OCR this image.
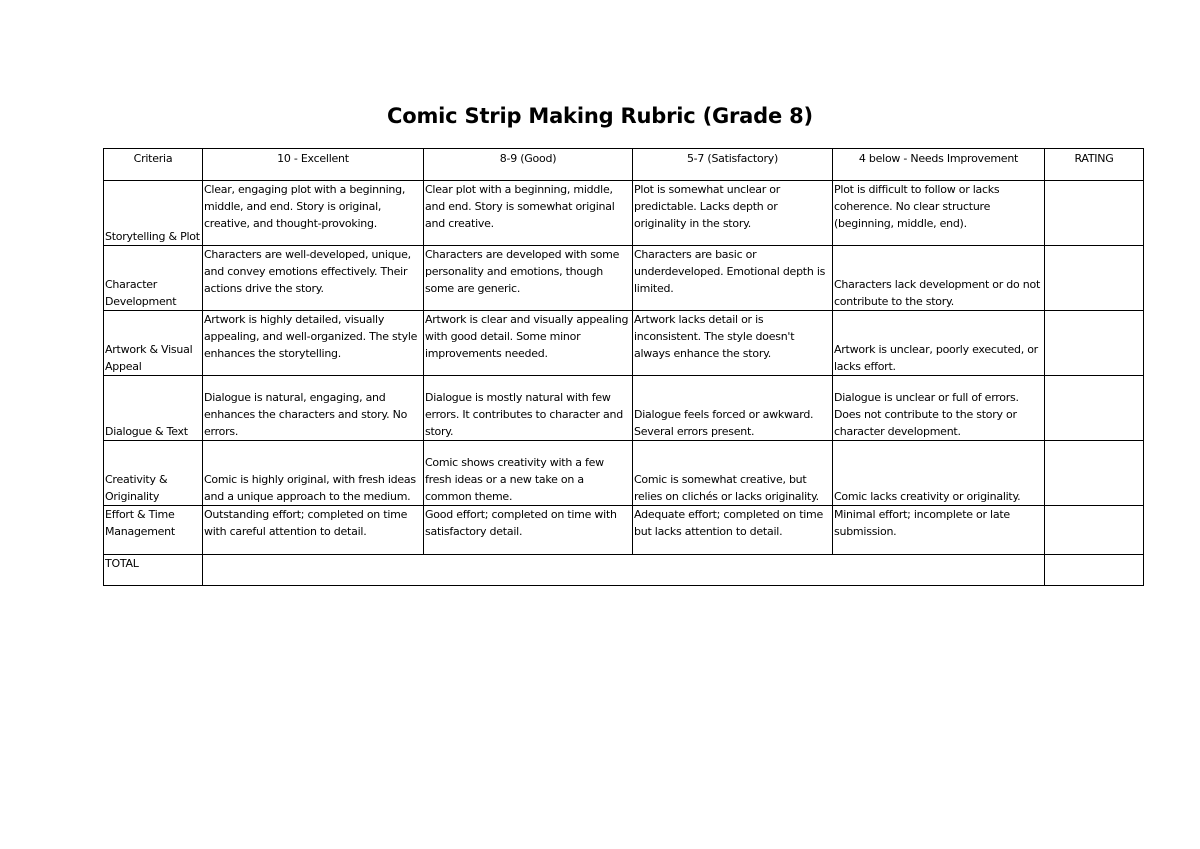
Comic Strip Making Rubric (Grade 8)
Criteria	10 - Excellent	8-9 (Good)	5-7 (Satisfactory)	4 below - Needs Improvement	RATING
Storytelling & Plot	Clear, engaging plot with a beginning, middle, and end. Story is original, creative, and thought-provoking.	Clear plot with a beginning, middle, and end. Story is somewhat original and creative.	Plot is somewhat unclear or predictable. Lacks depth or originality in the story.	Plot is difficult to follow or lacks coherence. No clear structure (beginning, middle, end).	
Character Development	Characters are well-developed, unique, and convey emotions effectively. Their actions drive the story.	Characters are developed with some personality and emotions, though some are generic.	Characters are basic or underdeveloped. Emotional depth is limited.	Characters lack development or do not contribute to the story.	
Artwork & Visual Appeal	Artwork is highly detailed, visually appealing, and well-organized. The style enhances the storytelling.	Artwork is clear and visually appealing with good detail. Some minor improvements needed.	Artwork lacks detail or is inconsistent. The style doesn't always enhance the story.	Artwork is unclear, poorly executed, or lacks effort.	
Dialogue & Text	Dialogue is natural, engaging, and enhances the characters and story. No errors.	Dialogue is mostly natural with few errors. It contributes to character and story.	Dialogue feels forced or awkward. Several errors present.	Dialogue is unclear or full of errors. Does not contribute to the story or character development.	
Creativity & Originality	Comic is highly original, with fresh ideas and a unique approach to the medium.	Comic shows creativity with a few fresh ideas or a new take on a common theme.	Comic is somewhat creative, but relies on clichés or lacks originality.	Comic lacks creativity or originality.	
Effort & Time Management	Outstanding effort; completed on time with careful attention to detail.	Good effort; completed on time with satisfactory detail.	Adequate effort; completed on time but lacks attention to detail.	Minimal effort; incomplete or late submission.	
TOTAL					
